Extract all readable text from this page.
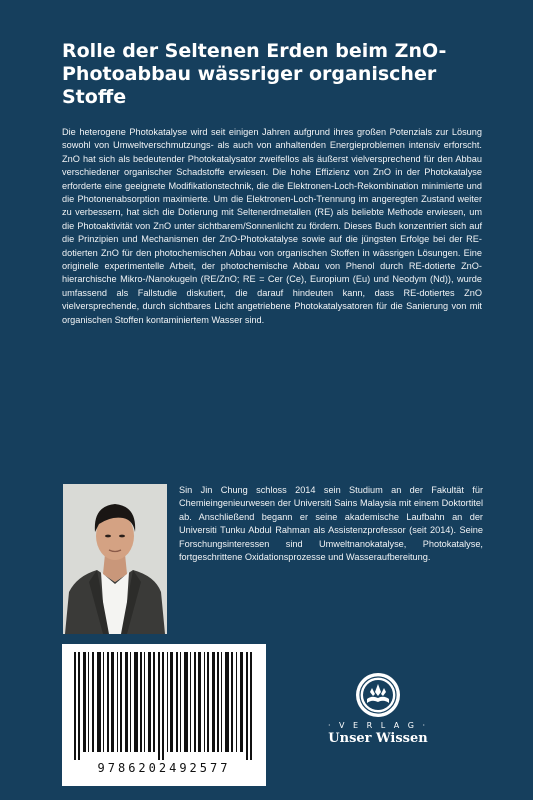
Rolle der Seltenen Erden beim ZnO-Photoabbau wässriger organischer Stoffe

Die heterogene Photokatalyse wird seit einigen Jahren aufgrund ihres großen Potenzials zur Lösung sowohl von Umweltverschmutzungs- als auch von anhaltenden Energieproblemen intensiv erforscht. ZnO hat sich als bedeutender Photokatalysator zweifellos als äußerst vielversprechend für den Abbau verschiedener organischer Schadstoffe erwiesen. Die hohe Effizienz von ZnO in der Photokatalyse erforderte eine geeignete Modifikationstechnik, die die Elektronen-Loch-Rekombination minimierte und die Photonenabsorption maximierte. Um die Elektronen-Loch-Trennung im angeregten Zustand weiter zu verbessern, hat sich die Dotierung mit Seltenerdmetallen (RE) als beliebte Methode erwiesen, um die Photoaktivität von ZnO unter sichtbarem/Sonnenlicht zu fördern. Dieses Buch konzentriert sich auf die Prinzipien und Mechanismen der ZnO-Photokatalyse sowie auf die jüngsten Erfolge bei der RE-dotierten ZnO für den photochemischen Abbau von organischen Stoffen in wässrigen Lösungen. Eine originelle experimentelle Arbeit, der photochemische Abbau von Phenol durch RE-dotierte ZnO-hierarchische Mikro-/Nanokugeln (RE/ZnO; RE = Cer (Ce), Europium (Eu) und Neodym (Nd)), wurde umfassend als Fallstudie diskutiert, die darauf hindeuten kann, dass RE-dotiertes ZnO vielversprechende, durch sichtbares Licht angetriebene Photokatalysatoren für die Sanierung von mit organischen Stoffen kontaminiertem Wasser sind.

Sin Jin Chung schloss 2014 sein Studium an der Fakultät für Chemieingenieurwesen der Universiti Sains Malaysia mit einem Doktortitel ab. Anschließend begann er seine akademische Laufbahn an der Universiti Tunku Abdul Rahman als Assistenzprofessor (seit 2014). Seine Forschungsinteressen sind Umweltnanokatalyse, Photokatalyse, fortgeschrittene Oxidationsprozesse und Wasseraufbereitung.

9786202492577
· V E R L A G ·
Unser Wissen
